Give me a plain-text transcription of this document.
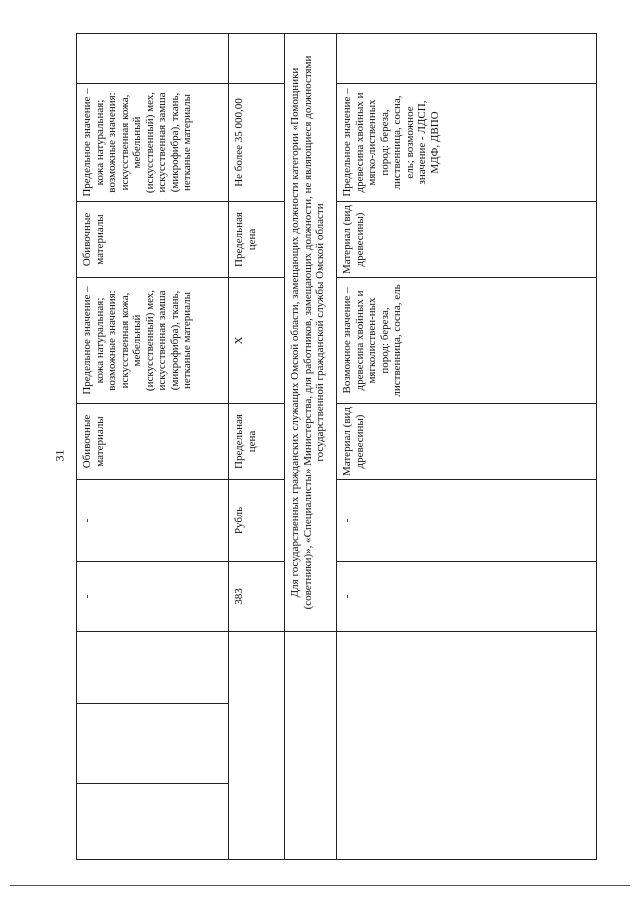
31
			-	-	Обивочные материалы	Предельное значение – кожа натуральная; возможные значения: искусственная кожа, мебельный (искусственный) мех, искусственная замша (микрофибра), ткань, нетканые материалы	Обивочные материалы	Предельное значение – кожа натуральная; возможные значения: искусственная кожа, мебельный (искусственный) мех, искусственная замша (микрофибра), ткань, нетканые материалы	
			383	Рубль	Предельная цена	Х	Предельная цена	Не более 35 000,00	
			Для государственных гражданских служащих Омской области, замещающих должности категории «Помощники (советники)», «Специалисты» Министерства, для работников, замещающих должности, не являющиеся должностями государственной гражданской службы Омской области						
			-	-	Материал (вид древесины)	Возможное значение – древесина хвойных и мягколиствен-ных пород: береза, лиственница, сосна, ель	Материал (вид древесины)	Предельное значение – древесина хвойных и мягко-лиственных пород: береза, лиственница, сосна, ель; возможное значение - ЛДСП, МДФ, ДВПО	
